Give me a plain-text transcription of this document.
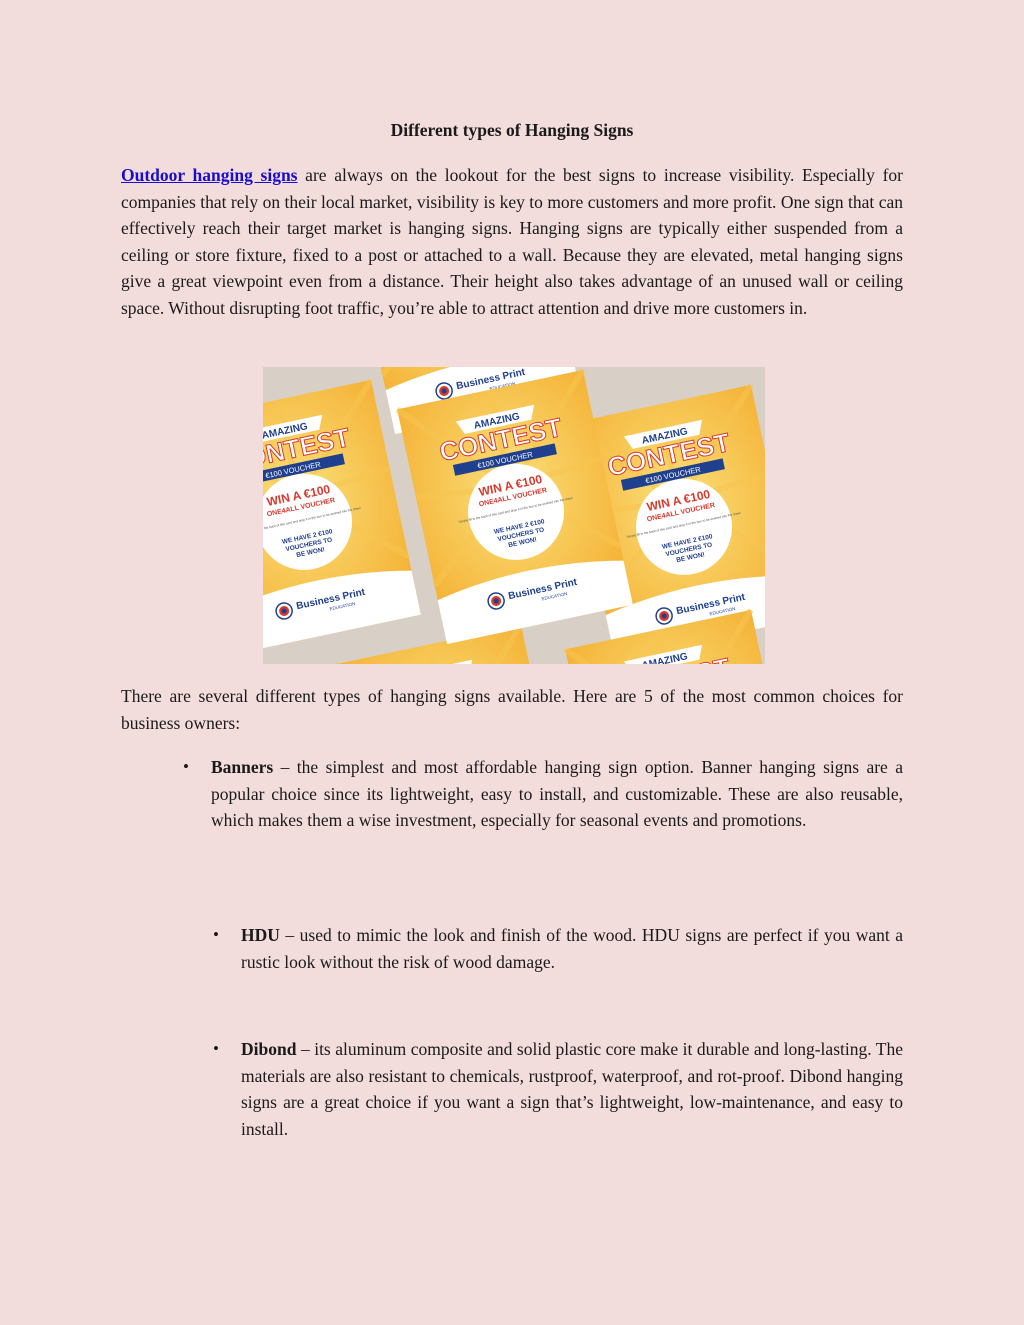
Different types of Hanging Signs

Outdoor hanging signs are always on the lookout for the best signs to increase visibility. Especially for companies that rely on their local market, visibility is key to more customers and more profit. One sign that can effectively reach their target market is hanging signs. Hanging signs are typically either suspended from a ceiling or store fixture, fixed to a post or attached to a wall. Because they are elevated, metal hanging signs give a great viewpoint even from a distance. Their height also takes advantage of an unused wall or ceiling space. Without disrupting foot traffic, you’re able to attract attention and drive more customers in.

There are several different types of hanging signs available. Here are 5 of the most common choices for business owners:

• Banners – the simplest and most affordable hanging sign option. Banner hanging signs are a popular choice since its lightweight, easy to install, and customizable. These are also reusable, which makes them a wise investment, especially for seasonal events and promotions.

• HDU – used to mimic the look and finish of the wood. HDU signs are perfect if you want a rustic look without the risk of wood damage.

• Dibond – its aluminum composite and solid plastic core make it durable and long-lasting. The materials are also resistant to chemicals, rustproof, waterproof, and rot-proof. Dibond hanging signs are a great choice if you want a sign that’s lightweight, low-maintenance, and easy to install.
